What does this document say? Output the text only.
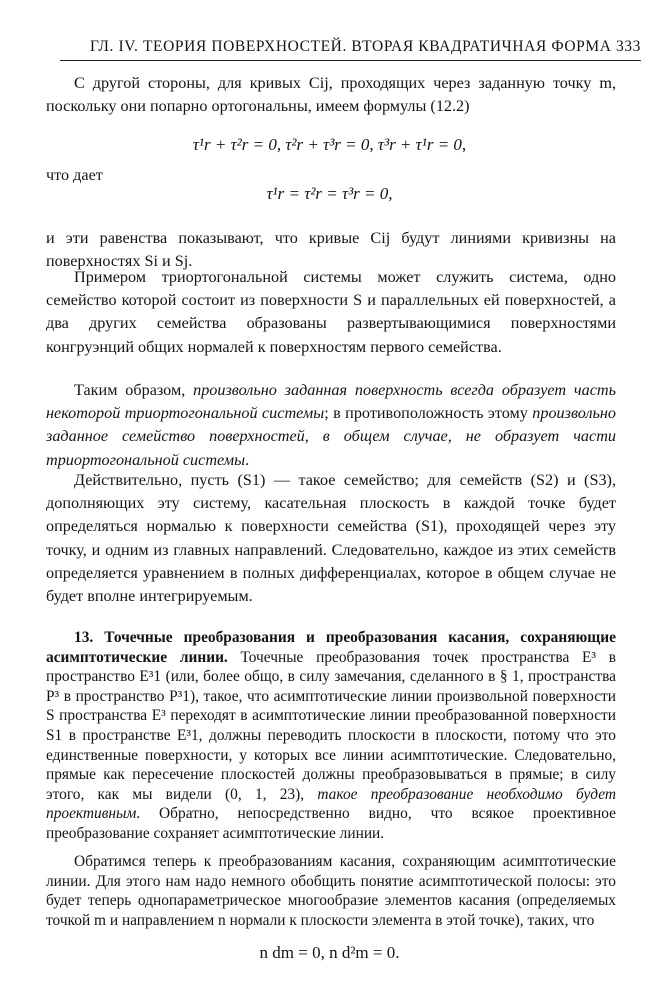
ГЛ. IV. ТЕОРИЯ ПОВЕРХНОСТЕЙ. ВТОРАЯ КВАДРАТИЧНАЯ ФОРМА 333

С другой стороны, для кривых Cij, проходящих через заданную точку m, поскольку они попарно ортогональны, имеем формулы (12.2)

τ¹r + τ²r = 0, τ²r + τ³r = 0, τ³r + τ¹r = 0,
что дает
τ¹r = τ²r = τ³r = 0,

и эти равенства показывают, что кривые Cij будут линиями кривизны на поверхностях Si и Sj.

Примером триортогональной системы может служить система, одно семейство которой состоит из поверхности S и параллельных ей поверхностей, а два других семейства образованы развертывающимися поверхностями конгруэнций общих нормалей к поверхностям первого семейства.

Таким образом, произвольно заданная поверхность всегда образует часть некоторой триортогональной системы; в противоположность этому произвольно заданное семейство поверхностей, в общем случае, не образует части триортогональной системы.

Действительно, пусть (S1) — такое семейство; для семейств (S2) и (S3), дополняющих эту систему, касательная плоскость в каждой точке будет определяться нормалью к поверхности семейства (S1), проходящей через эту точку, и одним из главных направлений. Следовательно, каждое из этих семейств определяется уравнением в полных дифференциалах, которое в общем случае не будет вполне интегрируемым.

13. Точечные преобразования и преобразования касания, сохраняющие асимптотические линии. Точечные преобразования точек пространства E³ в пространство E³1 (или, более общо, в силу замечания, сделанного в § 1, пространства P³ в пространство P³1), такое, что асимптотические линии произвольной поверхности S пространства E³ переходят в асимптотические линии преобразованной поверхности S1 в пространстве E³1, должны переводить плоскости в плоскости, потому что это единственные поверхности, у которых все линии асимптотические. Следовательно, прямые как пересечение плоскостей должны преобразовываться в прямые; в силу этого, как мы видели (0, 1, 23), такое преобразование необходимо будет проективным. Обратно, непосредственно видно, что всякое проективное преобразование сохраняет асимптотические линии.

Обратимся теперь к преобразованиям касания, сохраняющим асимптотические линии. Для этого нам надо немного обобщить понятие асимптотической полосы: это будет теперь однопараметрическое многообразие элементов касания (определяемых точкой m и направлением n нормали к плоскости элемента в этой точке), таких, что

n dm = 0, n d²m = 0.
